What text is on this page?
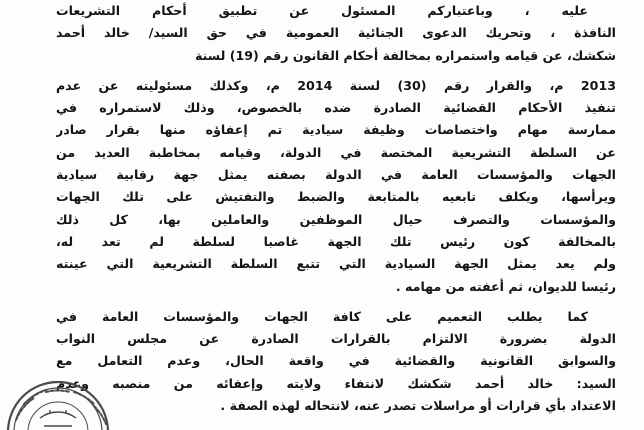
عليه ، وباعتباركم المسئول عن تطبيق أحكام التشريعات
النافذة ، وتحريك الدعوى الجنائية العمومية في حق السيد/ خالد أحمد
شكشك، عن قيامه واستمراره بمخالفة أحكام القانون رقم (19) لسنة
2013 م، والقرار رقم (30) لسنة 2014 م، وكذلك مسئوليته عن عدم
تنفيذ الأحكام القضائية الصادرة ضده بالخصوص، وذلك لاستمراره في
ممارسة مهام واختصاصات وظيفة سيادية تم إعفاؤه منها بقرار صادر
عن السلطة التشريعية المختصة في الدولة، وقيامه بمخاطبة العديد من
الجهات والمؤسسات العامة في الدولة بصفته يمثل جهة رقابية سيادية
ويرأسها، ويكلف تابعيه بالمتابعة والضبط والتفتيش على تلك الجهات
والمؤسسات والتصرف حيال الموظفين والعاملين بها، كل ذلك
بالمخالفة كون رئيس تلك الجهة غاصبا لسلطة لم تعد له،
ولم يعد يمثل الجهة السيادية التي تتبع السلطة التشريعية التي عينته
رئيسا للديوان، ثم أعفته من مهامه .
كما يطلب التعميم على كافة الجهات والمؤسسات العامة في
الدولة بضرورة الالتزام بالقرارات الصادرة عن مجلس النواب
والسوابق القانونية والقضائية في واقعة الحال، وعدم التعامل مع
السيد: خالد أحمد شكشك لانتفاء ولايته وإعفائه من منصبه وعدم
الاعتداد بأي قرارات أو مراسلات تصدر عنه، لانتحاله لهذه الصفة .
